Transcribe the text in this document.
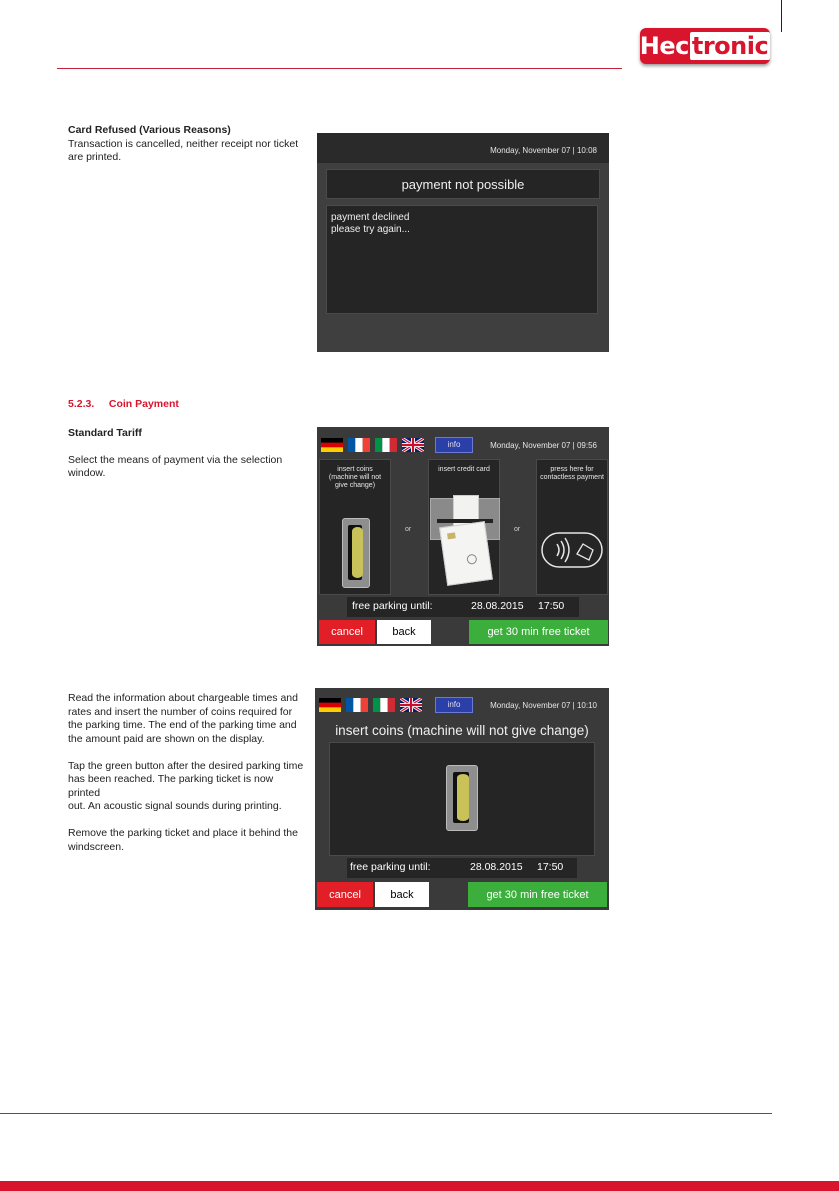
Hec tronic
Card Refused (Various Reasons)
Transaction is cancelled, neither receipt nor ticket
are printed.
Monday, November 07 | 10:08
payment not possible
payment declined
please try again...
5.2.3. Coin Payment
Standard Tariff
Select the means of payment via the selection
window.
info	Monday, November 07 | 09:56
insert coins
(machine will not
give change)
or
insert credit card
or
press here for
contactless payment
free parking until:	28.08.2015 17:50
cancel	back	get 30 min free ticket
Read the information about chargeable times and
rates and insert the number of coins required for
the parking time. The end of the parking time and
the amount paid are shown on the display.
Tap the green button after the desired parking time
has been reached. The parking ticket is now printed
out. An acoustic signal sounds during printing.
Remove the parking ticket and place it behind the
windscreen.
info	Monday, November 07 | 10:10
insert coins (machine will not give change)
free parking until:	28.08.2015 17:50
cancel	back	get 30 min free ticket
